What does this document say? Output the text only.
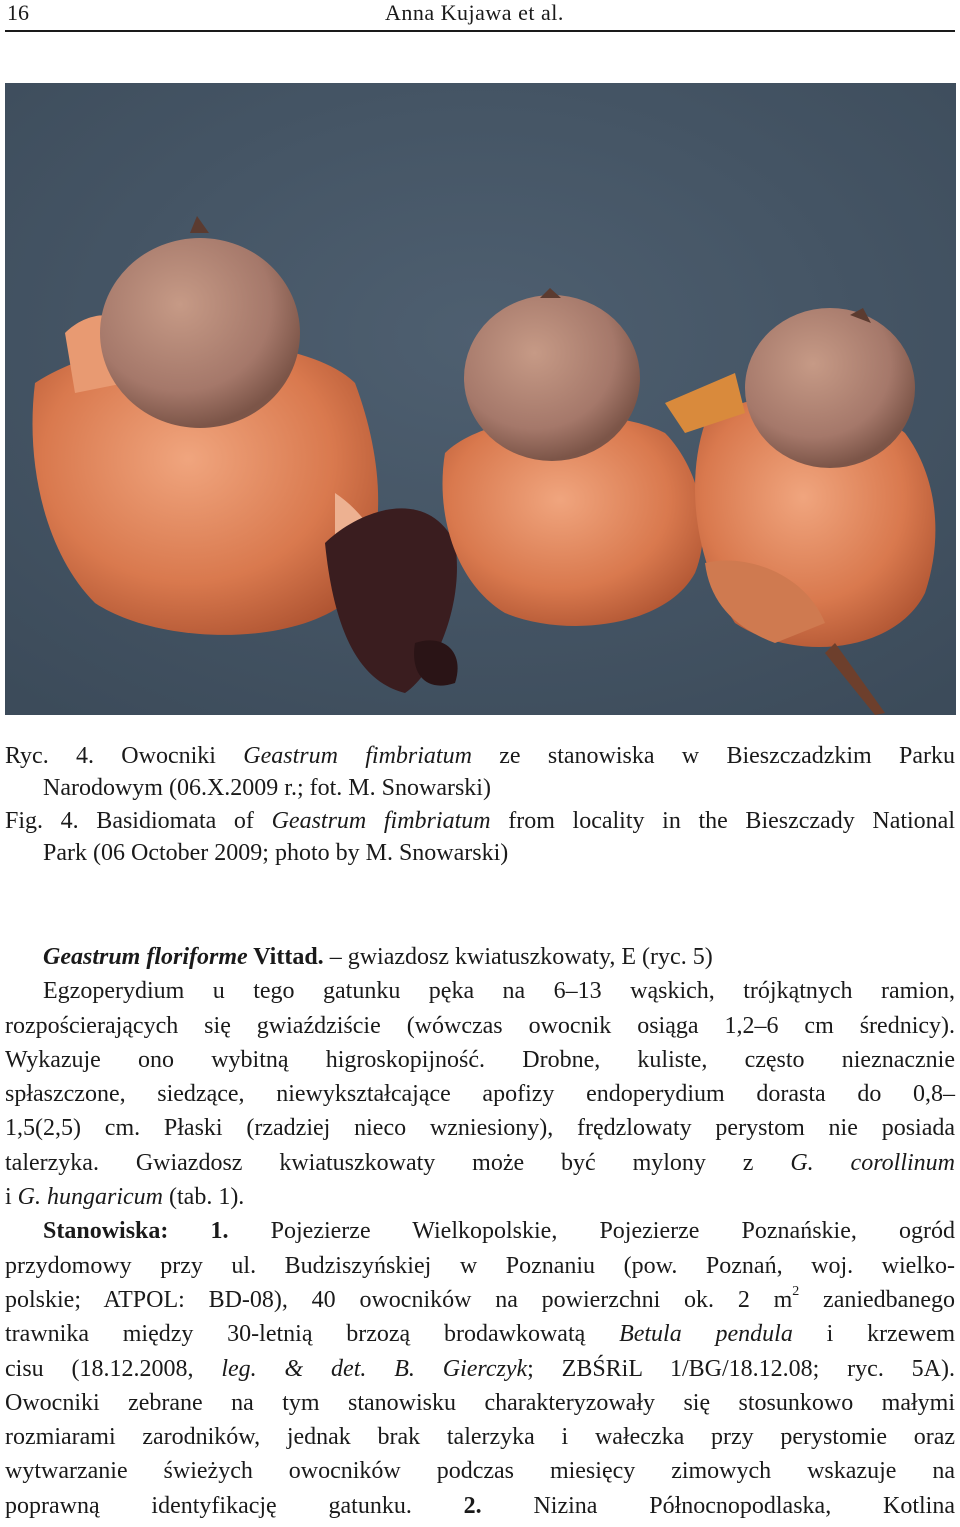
16	Anna Kujawa et al.
Ryc. 4. Owocniki Geastrum fimbriatum ze stanowiska w Bieszczadzkim Parku
Narodowym (06.X.2009 r.; fot. M. Snowarski)
Fig. 4. Basidiomata of Geastrum fimbriatum from locality in the Bieszczady National
Park (06 October 2009; photo by M. Snowarski)
Geastrum floriforme Vittad. – gwiazdosz kwiatuszkowaty, E (ryc. 5)
Egzoperydium u tego gatunku pęka na 6–13 wąskich, trójkątnych ramion,
rozpościerających się gwiaździście (wówczas owocnik osiąga 1,2–6 cm średnicy).
Wykazuje ono wybitną higroskopijność. Drobne, kuliste, często nieznacznie
spłaszczone, siedzące, niewykształcające apofizy endoperydium dorasta do 0,8–
1,5(2,5) cm. Płaski (rzadziej nieco wzniesiony), frędzlowaty perystom nie posiada
talerzyka. Gwiazdosz kwiatuszkowaty może być mylony z G. corollinum
i G. hungaricum (tab. 1).
Stanowiska: 1. Pojezierze Wielkopolskie, Pojezierze Poznańskie, ogród
przydomowy przy ul. Budziszyńskiej w Poznaniu (pow. Poznań, woj. wielko-
polskie; ATPOL: BD-08), 40 owocników na powierzchni ok. 2 $m^2$ zaniedbanego
trawnika między 30-letnią brzozą brodawkowatą Betula pendula i krzewem
cisu (18.12.2008, leg. & det. B. Gierczyk; ZBŚRiL 1/BG/18.12.08; ryc. 5A).
Owocniki zebrane na tym stanowisku charakteryzowały się stosunkowo małymi
rozmiarami zarodników, jednak brak talerzyka i wałeczka przy perystomie oraz
wytwarzanie świeżych owocników podczas miesięcy zimowych wskazuje na
poprawną identyfikację gatunku. 2. Nizina Północnopodlaska, Kotlina
